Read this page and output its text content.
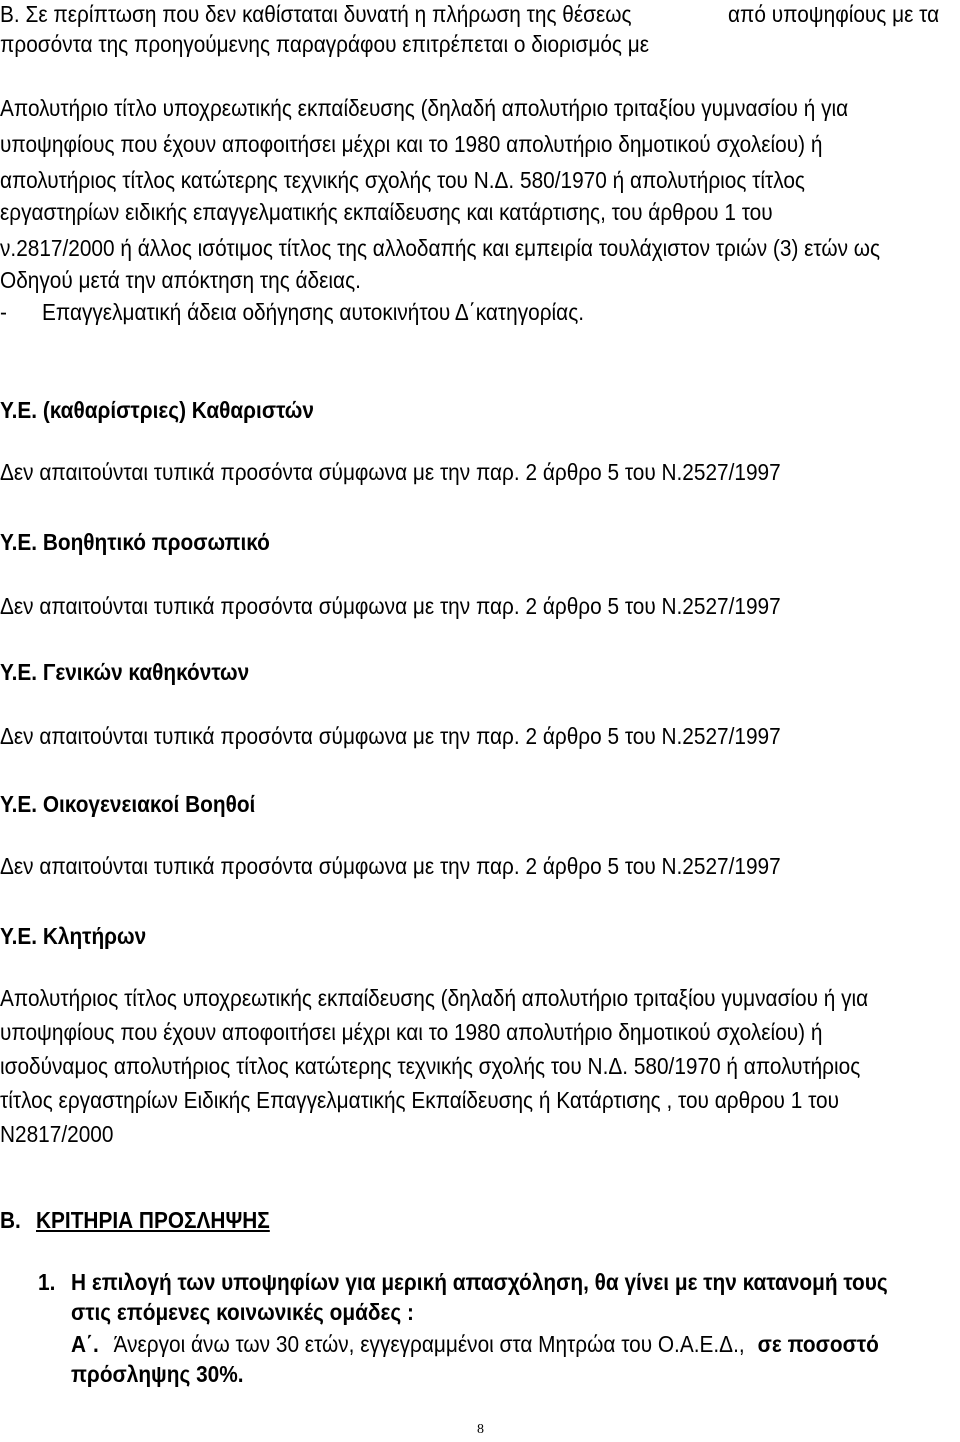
Β. Σε περίπτωση που δεν καθίσταται δυνατή η πλήρωση της θέσεως	από υποψηφίους με τα
προσόντα της προηγούμενης παραγράφου επιτρέπεται ο διορισμός με
Απολυτήριο τίτλο υποχρεωτικής εκπαίδευσης (δηλαδή απολυτήριο τριταξίου γυμνασίου ή για
υποψηφίους που έχουν αποφοιτήσει μέχρι και το 1980 απολυτήριο δημοτικού σχολείου) ή
απολυτήριος τίτλος κατώτερης τεχνικής σχολής του Ν.Δ. 580/1970 ή απολυτήριος τίτλος
εργαστηρίων ειδικής επαγγελματικής εκπαίδευσης και κατάρτισης, του άρθρου 1 του
ν.2817/2000 ή άλλος ισότιμος τίτλος της αλλοδαπής και εμπειρία τουλάχιστον τριών (3) ετών ως
Οδηγού μετά την απόκτηση της άδειας.
- Επαγγελματική άδεια οδήγησης αυτοκινήτου Δ΄κατηγορίας.
Υ.Ε. (καθαρίστριες) Καθαριστών
Δεν απαιτούνται τυπικά προσόντα σύμφωνα με την παρ. 2 άρθρο 5 του Ν.2527/1997
Υ.Ε. Βοηθητικό προσωπικό
Δεν απαιτούνται τυπικά προσόντα σύμφωνα με την παρ. 2 άρθρο 5 του Ν.2527/1997
Υ.Ε. Γενικών καθηκόντων
Δεν απαιτούνται τυπικά προσόντα σύμφωνα με την παρ. 2 άρθρο 5 του Ν.2527/1997
Υ.Ε. Οικογενειακοί Βοηθοί
Δεν απαιτούνται τυπικά προσόντα σύμφωνα με την παρ. 2 άρθρο 5 του Ν.2527/1997
Υ.Ε. Κλητήρων
Απολυτήριος τίτλος υποχρεωτικής εκπαίδευσης (δηλαδή απολυτήριο τριταξίου γυμνασίου ή για
υποψηφίους που έχουν αποφοιτήσει μέχρι και το 1980 απολυτήριο δημοτικού σχολείου) ή
ισοδύναμος απολυτήριος τίτλος κατώτερης τεχνικής σχολής του Ν.Δ. 580/1970 ή απολυτήριος
τίτλος εργαστηρίων Ειδικής Επαγγελματικής Εκπαίδευσης ή Κατάρτισης , του αρθρου 1 του
Ν2817/2000
Β. ΚΡΙΤΗΡΙΑ ΠΡΟΣΛΗΨΗΣ
1. Η επιλογή των υποψηφίων για μερική απασχόληση, θα γίνει με την κατανομή τους
στις επόμενες κοινωνικές ομάδες :
Α΄. Άνεργοι άνω των 30 ετών, εγγεγραμμένοι στα Μητρώα του Ο.Α.Ε.Δ., σε ποσοστό
πρόσληψης 30%.
8
